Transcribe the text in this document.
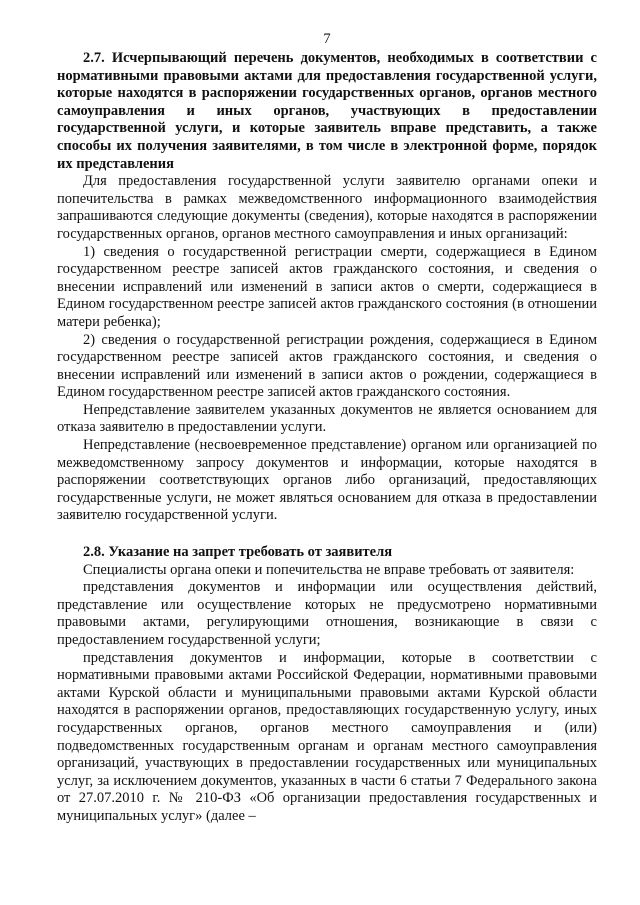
7

2.7. Исчерпывающий перечень документов, необходимых в соответствии с нормативными правовыми актами для предоставления государственной услуги, которые находятся в распоряжении государственных органов, органов местного самоуправления и иных органов, участвующих в предоставлении государственной услуги, и которые заявитель вправе представить, а также способы их получения заявителями, в том числе в электронной форме, порядок их представления

Для предоставления государственной услуги заявителю органами опеки и попечительства в рамках межведомственного информационного взаимодействия запрашиваются следующие документы (сведения), которые находятся в распоряжении государственных органов, органов местного самоуправления и иных организаций:

1) сведения о государственной регистрации смерти, содержащиеся в Едином государственном реестре записей актов гражданского состояния, и сведения о внесении исправлений или изменений в записи актов о смерти, содержащиеся в Едином государственном реестре записей актов гражданского состояния (в отношении матери ребенка);

2) сведения о государственной регистрации рождения, содержащиеся в Едином государственном реестре записей актов гражданского состояния, и сведения о внесении исправлений или изменений в записи актов о рождении, содержащиеся в Едином государственном реестре записей актов гражданского состояния.

Непредставление заявителем указанных документов не является основанием для отказа заявителю в предоставлении услуги.

Непредставление (несвоевременное представление) органом или организацией по межведомственному запросу документов и информации, которые находятся в распоряжении соответствующих органов либо организаций, предоставляющих государственные услуги, не может являться основанием для отказа в предоставлении заявителю государственной услуги.

2.8. Указание на запрет требовать от заявителя

Специалисты органа опеки и попечительства не вправе требовать от заявителя:

представления документов и информации или осуществления действий, представление или осуществление которых не предусмотрено нормативными правовыми актами, регулирующими отношения, возникающие в связи с предоставлением государственной услуги;

представления документов и информации, которые в соответствии с нормативными правовыми актами Российской Федерации, нормативными правовыми актами Курской области и муниципальными правовыми актами Курской области находятся в распоряжении органов, предоставляющих государственную услугу, иных государственных органов, органов местного самоуправления и (или) подведомственных государственным органам и органам местного самоуправления организаций, участвующих в предоставлении государственных или муниципальных услуг, за исключением документов, указанных в части 6 статьи 7 Федерального закона от 27.07.2010 г. № 210-ФЗ «Об организации предоставления государственных и муниципальных услуг» (далее –
